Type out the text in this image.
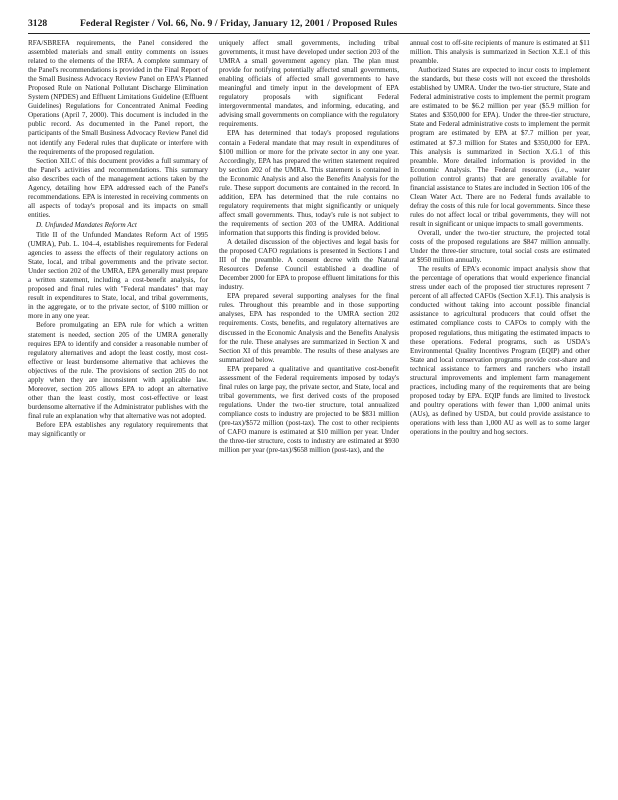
3128	Federal Register / Vol. 66, No. 9 / Friday, January 12, 2001 / Proposed Rules

RFA/SBREFA requirements, the Panel considered the assembled materials and small entity comments on issues related to the elements of the IRFA. A complete summary of the Panel's recommendations is provided in the Final Report of the Small Business Advocacy Review Panel on EPA's Planned Proposed Rule on National Pollutant Discharge Elimination System (NPDES) and Effluent Limitations Guideline (Effluent Guidelines) Regulations for Concentrated Animal Feeding Operations (April 7, 2000). This document is included in the public record. As documented in the Panel report, the participants of the Small Business Advocacy Review Panel did not identify any Federal rules that duplicate or interfere with the requirements of the proposed regulation.

Section XII.C of this document provides a full summary of the Panel's activities and recommendations. This summary also describes each of the management actions taken by the Agency, detailing how EPA addressed each of the Panel's recommendations. EPA is interested in receiving comments on all aspects of today's proposal and its impacts on small entities.

D. Unfunded Mandates Reform Act

Title II of the Unfunded Mandates Reform Act of 1995 (UMRA), Pub. L. 104–4, establishes requirements for Federal agencies to assess the effects of their regulatory actions on State, local, and tribal governments and the private sector. Under section 202 of the UMRA, EPA generally must prepare a written statement, including a cost-benefit analysis, for proposed and final rules with "Federal mandates" that may result in expenditures to State, local, and tribal governments, in the aggregate, or to the private sector, of $100 million or more in any one year.

Before promulgating an EPA rule for which a written statement is needed, section 205 of the UMRA generally requires EPA to identify and consider a reasonable number of regulatory alternatives and adopt the least costly, most cost-effective or least burdensome alternative that achieves the objectives of the rule. The provisions of section 205 do not apply when they are inconsistent with applicable law. Moreover, section 205 allows EPA to adopt an alternative other than the least costly, most cost-effective or least burdensome alternative if the Administrator publishes with the final rule an explanation why that alternative was not adopted.

Before EPA establishes any regulatory requirements that may significantly or

uniquely affect small governments, including tribal governments, it must have developed under section 203 of the UMRA a small government agency plan. The plan must provide for notifying potentially affected small governments, enabling officials of affected small governments to have meaningful and timely input in the development of EPA regulatory proposals with significant Federal intergovernmental mandates, and informing, educating, and advising small governments on compliance with the regulatory requirements.

EPA has determined that today's proposed regulations contain a Federal mandate that may result in expenditures of $100 million or more for the private sector in any one year. Accordingly, EPA has prepared the written statement required by section 202 of the UMRA. This statement is contained in the Economic Analysis and also the Benefits Analysis for the rule. These support documents are contained in the record. In addition, EPA has determined that the rule contains no regulatory requirements that might significantly or uniquely affect small governments. Thus, today's rule is not subject to the requirements of section 203 of the UMRA. Additional information that supports this finding is provided below.

A detailed discussion of the objectives and legal basis for the proposed CAFO regulations is presented in Sections I and III of the preamble. A consent decree with the Natural Resources Defense Council established a deadline of December 2000 for EPA to propose effluent limitations for this industry.

EPA prepared several supporting analyses for the final rules. Throughout this preamble and in those supporting analyses, EPA has responded to the UMRA section 202 requirements. Costs, benefits, and regulatory alternatives are discussed in the Economic Analysis and the Benefits Analysis for the rule. These analyses are summarized in Section X and Section XI of this preamble. The results of these analyses are summarized below.

EPA prepared a qualitative and quantitative cost-benefit assessment of the Federal requirements imposed by today's final rules on large pay, the private sector, and State, local and tribal governments, we first derived costs of the proposed regulations. Under the two-tier structure, total annualized compliance costs to industry are projected to be $831 million (pre-tax)/$572 million (post-tax). The cost to other recipients of CAFO manure is estimated at $10 million per year. Under the three-tier structure, costs to industry are estimated at $930 million per year (pre-tax)/$658 million (post-tax), and the

annual cost to off-site recipients of manure is estimated at $11 million. This analysis is summarized in Section X.E.1 of this preamble.

Authorized States are expected to incur costs to implement the standards, but these costs will not exceed the thresholds established by UMRA. Under the two-tier structure, State and Federal administrative costs to implement the permit program are estimated to be $6.2 million per year ($5.9 million for States and $350,000 for EPA). Under the three-tier structure, State and Federal administrative costs to implement the permit program are estimated by EPA at $7.7 million per year, estimated at $7.3 million for States and $350,000 for EPA. This analysis is summarized in Section X.G.1 of this preamble. More detailed information is provided in the Economic Analysis. The Federal resources (i.e., water pollution control grants) that are generally available for financial assistance to States are included in Section 106 of the Clean Water Act. There are no Federal funds available to defray the costs of this rule for local governments. Since these rules do not affect local or tribal governments, they will not result in significant or unique impacts to small governments.

Overall, under the two-tier structure, the projected total costs of the proposed regulations are $847 million annually. Under the three-tier structure, total social costs are estimated at $950 million annually.

The results of EPA's economic impact analysis show that the percentage of operations that would experience financial stress under each of the proposed tier structures represent 7 percent of all affected CAFOs (Section X.F.1). This analysis is conducted without taking into account possible financial assistance to agricultural producers that could offset the estimated compliance costs to CAFOs to comply with the proposed regulations, thus mitigating the estimated impacts to these operations. Federal programs, such as USDA's Environmental Quality Incentives Program (EQIP) and other State and local conservation programs provide cost-share and technical assistance to farmers and ranchers who install structural improvements and implement farm management practices, including many of the requirements that are being proposed today by EPA. EQIP funds are limited to livestock and poultry operations with fewer than 1,000 animal units (AUs), as defined by USDA, but could provide assistance to operations with less than 1,000 AU as well as to some larger operations in the poultry and hog sectors.
